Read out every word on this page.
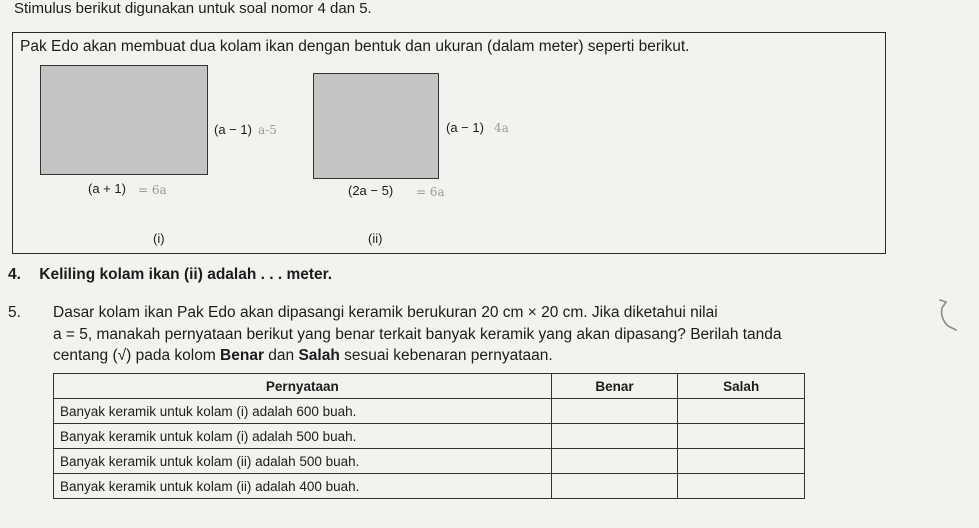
Stimulus berikut digunakan untuk soal nomor 4 dan 5.
Pak Edo akan membuat dua kolam ikan dengan bentuk dan ukuran (dalam meter) seperti berikut.
(a − 1) a-5
(a + 1) = 6a
(i)
(a − 1) 4a
(2a − 5) = 6a
(ii)
4. Keliling kolam ikan (ii) adalah . . . meter.
5. Dasar kolam ikan Pak Edo akan dipasangi keramik berukuran 20 cm × 20 cm. Jika diketahui nilai
a = 5, manakah pernyataan berikut yang benar terkait banyak keramik yang akan dipasang? Berilah tanda
centang (√) pada kolom Benar dan Salah sesuai kebenaran pernyataan.
Pernyataan	Benar	Salah
Banyak keramik untuk kolam (i) adalah 600 buah.		
Banyak keramik untuk kolam (i) adalah 500 buah.		
Banyak keramik untuk kolam (ii) adalah 500 buah.		
Banyak keramik untuk kolam (ii) adalah 400 buah.		
